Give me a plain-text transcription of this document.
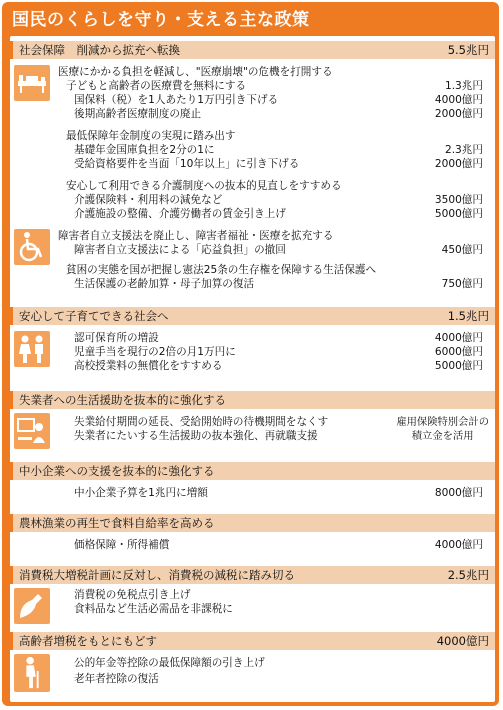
国民のくらしを守り・支える主な政策
社会保障　削減から拡充へ転換	5.5兆円
医療にかかる負担を軽減し、"医療崩壊"の危機を打開する
子どもと高齢者の医療費を無料にする	1.3兆円
国保料（税）を1人あたり1万円引き下げる	4000億円
後期高齢者医療制度の廃止	2000億円
最低保障年金制度の実現に踏み出す
基礎年金国庫負担を2分の1に	2.3兆円
受給資格要件を当面「10年以上」に引き下げる	2000億円
安心して利用できる介護制度への抜本的見直しをすすめる
介護保険料・利用料の減免など	3500億円
介護施設の整備、介護労働者の賃金引き上げ	5000億円
障害者自立支援法を廃止し、障害者福祉・医療を拡充する
障害者自立支援法による「応益負担」の撤回	450億円
貧困の実態を国が把握し憲法25条の生存権を保障する生活保護へ
生活保護の老齢加算・母子加算の復活	750億円
安心して子育てできる社会へ	1.5兆円
認可保育所の増設	4000億円
児童手当を現行の2倍の月1万円に	6000億円
高校授業料の無償化をすすめる	5000億円
失業者への生活援助を抜本的に強化する
失業給付期間の延長、受給開始時の待機期間をなくす
失業者にたいする生活援助の抜本強化、再就職支援
雇用保険特別会計の
積立金を活用
中小企業への支援を抜本的に強化する
中小企業予算を1兆円に増額	8000億円
農林漁業の再生で食料自給率を高める
価格保障・所得補償	4000億円
消費税大増税計画に反対し、消費税の減税に踏み切る	2.5兆円
消費税の免税点引き上げ
食料品など生活必需品を非課税に
高齢者増税をもとにもどす	4000億円
公的年金等控除の最低保障額の引き上げ
老年者控除の復活
